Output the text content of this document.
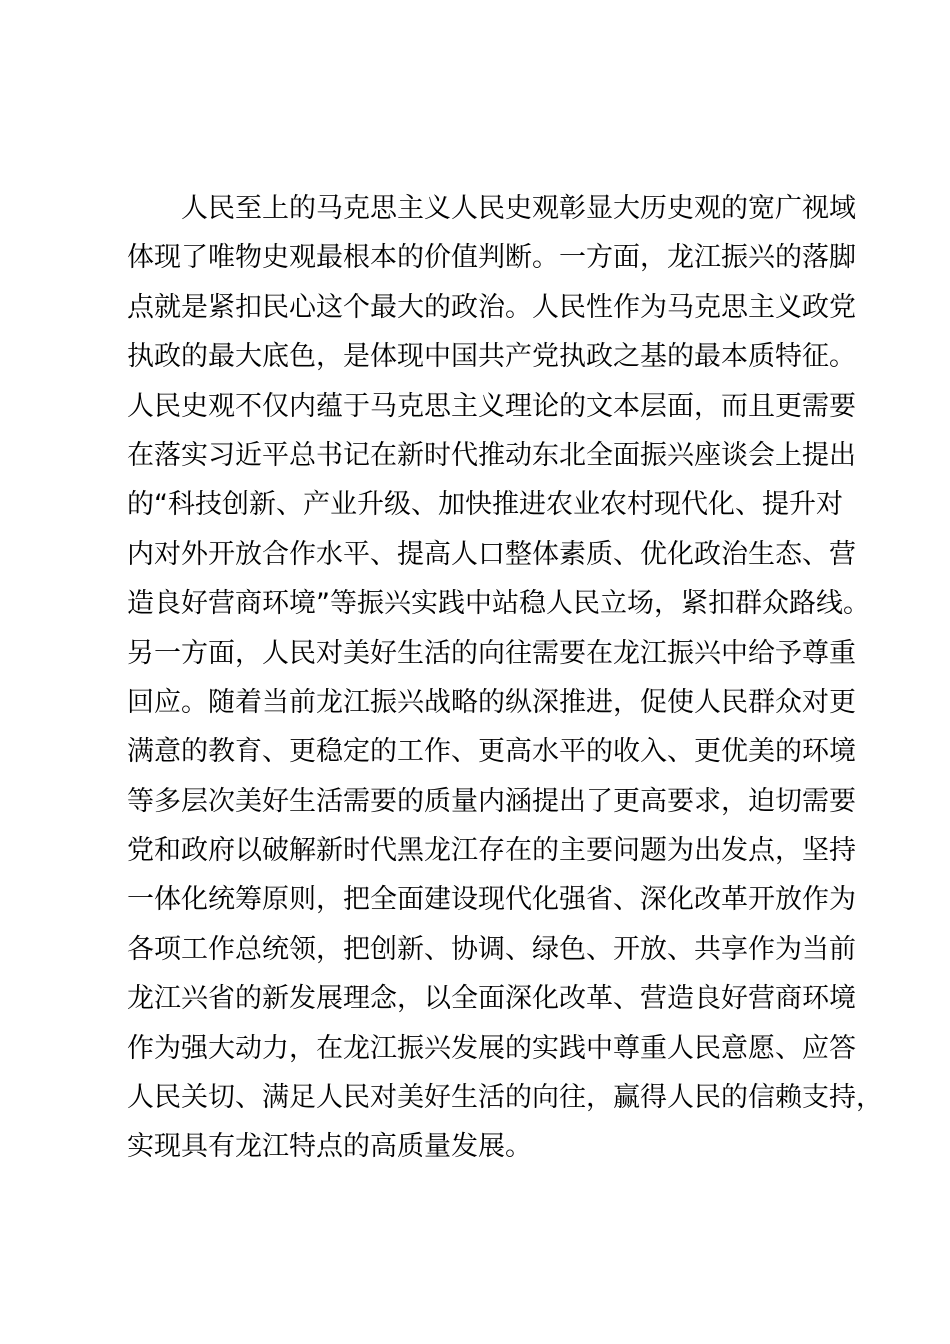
　　人民至上的马克思主义人民史观彰显大历史观的宽广视域
体现了唯物史观最根本的价值判断。一方面，龙江振兴的落脚
点就是紧扣民心这个最大的政治。人民性作为马克思主义政党
执政的最大底色，是体现中国共产党执政之基的最本质特征。
人民史观不仅内蕴于马克思主义理论的文本层面，而且更需要
在落实习近平总书记在新时代推动东北全面振兴座谈会上提出
的“科技创新、产业升级、加快推进农业农村现代化、提升对
内对外开放合作水平、提高人口整体素质、优化政治生态、营
造良好营商环境”等振兴实践中站稳人民立场，紧扣群众路线。
另一方面，人民对美好生活的向往需要在龙江振兴中给予尊重
回应。随着当前龙江振兴战略的纵深推进，促使人民群众对更
满意的教育、更稳定的工作、更高水平的收入、更优美的环境
等多层次美好生活需要的质量内涵提出了更高要求，迫切需要
党和政府以破解新时代黑龙江存在的主要问题为出发点，坚持
一体化统筹原则，把全面建设现代化强省、深化改革开放作为
各项工作总统领，把创新、协调、绿色、开放、共享作为当前
龙江兴省的新发展理念，以全面深化改革、营造良好营商环境
作为强大动力，在龙江振兴发展的实践中尊重人民意愿、应答
人民关切、满足人民对美好生活的向往，赢得人民的信赖支持，
实现具有龙江特点的高质量发展。
